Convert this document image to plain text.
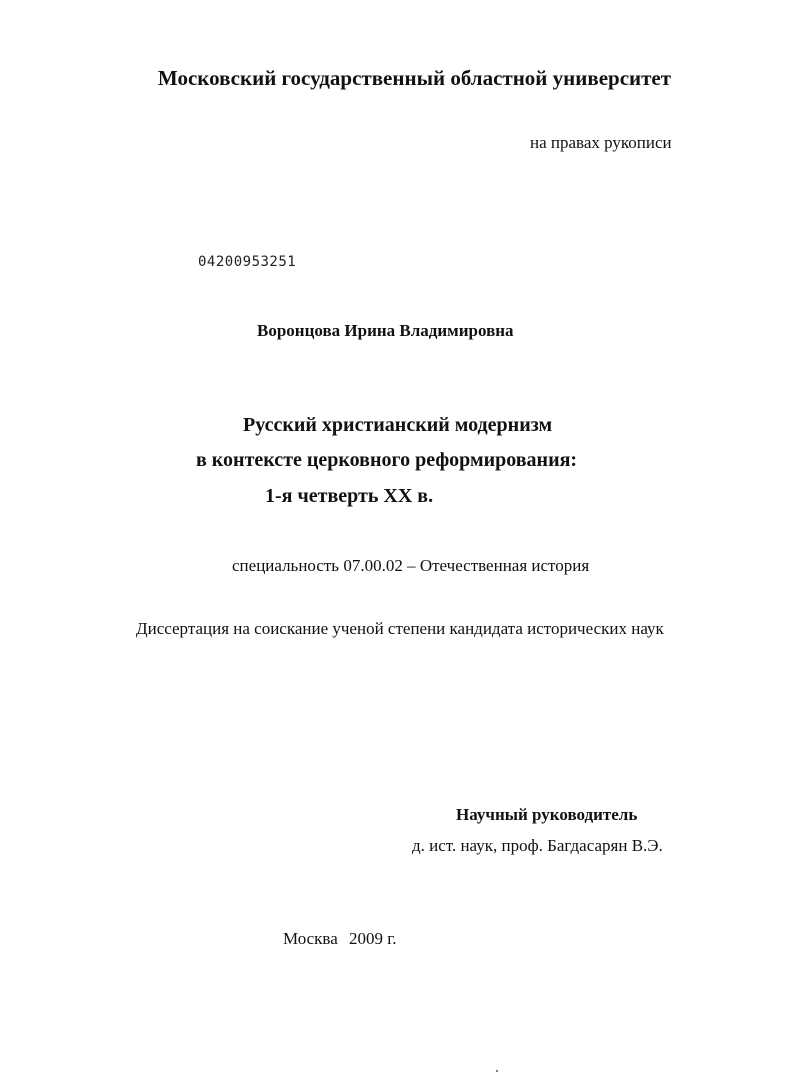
Московский государственный областной университет
на правах рукописи
04200953251
Воронцова Ирина Владимировна
Русский христианский модернизм
в контексте церковного реформирования:
1-я четверть XX в.
специальность 07.00.02 – Отечественная история
Диссертация на соискание ученой степени кандидата исторических наук
Научный руководитель
д. ист. наук, проф. Багдасарян В.Э.
Москва 2009 г.
